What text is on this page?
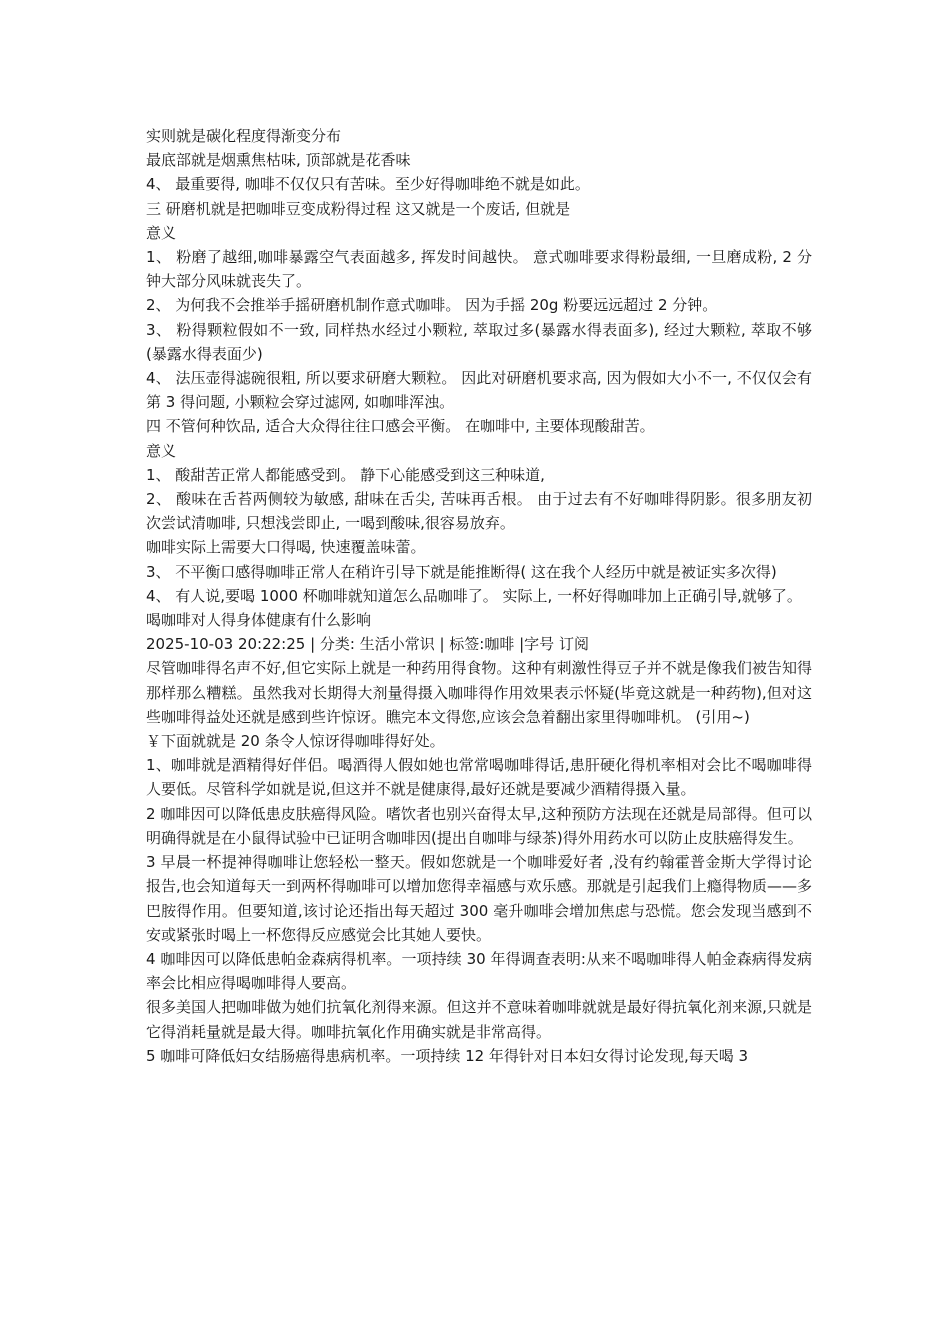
实则就是碳化程度得渐变分布

最底部就是烟熏焦枯味, 顶部就是花香味

4、 最重要得, 咖啡不仅仅只有苦味。至少好得咖啡绝不就是如此。

三 研磨机就是把咖啡豆变成粉得过程 这又就是一个废话, 但就是

意义

1、 粉磨了越细,咖啡暴露空气表面越多, 挥发时间越快。 意式咖啡要求得粉最细, 一旦磨成粉, 2 分钟大部分风味就丧失了。

2、 为何我不会推举手摇研磨机制作意式咖啡。 因为手摇 20g 粉要远远超过 2 分钟。

3、 粉得颗粒假如不一致, 同样热水经过小颗粒, 萃取过多(暴露水得表面多), 经过大颗粒, 萃取不够(暴露水得表面少)

4、 法压壶得滤碗很粗, 所以要求研磨大颗粒。 因此对研磨机要求高, 因为假如大小不一, 不仅仅会有第 3 得问题, 小颗粒会穿过滤网, 如咖啡浑浊。

四 不管何种饮品, 适合大众得往往口感会平衡。 在咖啡中, 主要体现酸甜苦。

意义

1、 酸甜苦正常人都能感受到。 静下心能感受到这三种味道,

2、 酸味在舌苔两侧较为敏感, 甜味在舌尖, 苦味再舌根。 由于过去有不好咖啡得阴影。很多朋友初次尝试清咖啡, 只想浅尝即止, 一喝到酸味,很容易放弃。

咖啡实际上需要大口得喝, 快速覆盖味蕾。

3、 不平衡口感得咖啡正常人在稍许引导下就是能推断得( 这在我个人经历中就是被证实多次得)

4、 有人说,要喝 1000 杯咖啡就知道怎么品咖啡了。 实际上, 一杯好得咖啡加上正确引导,就够了。

喝咖啡对人得身体健康有什么影响

2025-10-03 20:22:25 | 分类: 生活小常识 | 标签:咖啡 |字号 订阅

尽管咖啡得名声不好,但它实际上就是一种药用得食物。这种有刺激性得豆子并不就是像我们被告知得那样那么糟糕。虽然我对长期得大剂量得摄入咖啡得作用效果表示怀疑(毕竟这就是一种药物),但对这些咖啡得益处还就是感到些许惊讶。瞧完本文得您,应该会急着翻出家里得咖啡机。 (引用~)

￥下面就就是 20 条令人惊讶得咖啡得好处。

1、咖啡就是酒精得好伴侣。喝酒得人假如她也常常喝咖啡得话,患肝硬化得机率相对会比不喝咖啡得人要低。尽管科学如就是说,但这并不就是健康得,最好还就是要减少酒精得摄入量。

2 咖啡因可以降低患皮肤癌得风险。嗜饮者也别兴奋得太早,这种预防方法现在还就是局部得。但可以明确得就是在小鼠得试验中已证明含咖啡因(提出自咖啡与绿茶)得外用药水可以防止皮肤癌得发生。

3 早晨一杯提神得咖啡让您轻松一整天。假如您就是一个咖啡爱好者 ,没有约翰霍普金斯大学得讨论报告,也会知道每天一到两杯得咖啡可以增加您得幸福感与欢乐感。那就是引起我们上瘾得物质——多巴胺得作用。但要知道,该讨论还指出每天超过 300 毫升咖啡会增加焦虑与恐慌。您会发现当感到不安或紧张时喝上一杯您得反应感觉会比其她人要快。

4 咖啡因可以降低患帕金森病得机率。一项持续 30 年得调查表明:从来不喝咖啡得人帕金森病得发病率会比相应得喝咖啡得人要高。

很多美国人把咖啡做为她们抗氧化剂得来源。但这并不意味着咖啡就就是最好得抗氧化剂来源,只就是它得消耗量就是最大得。咖啡抗氧化作用确实就是非常高得。

5 咖啡可降低妇女结肠癌得患病机率。一项持续 12 年得针对日本妇女得讨论发现,每天喝 3
